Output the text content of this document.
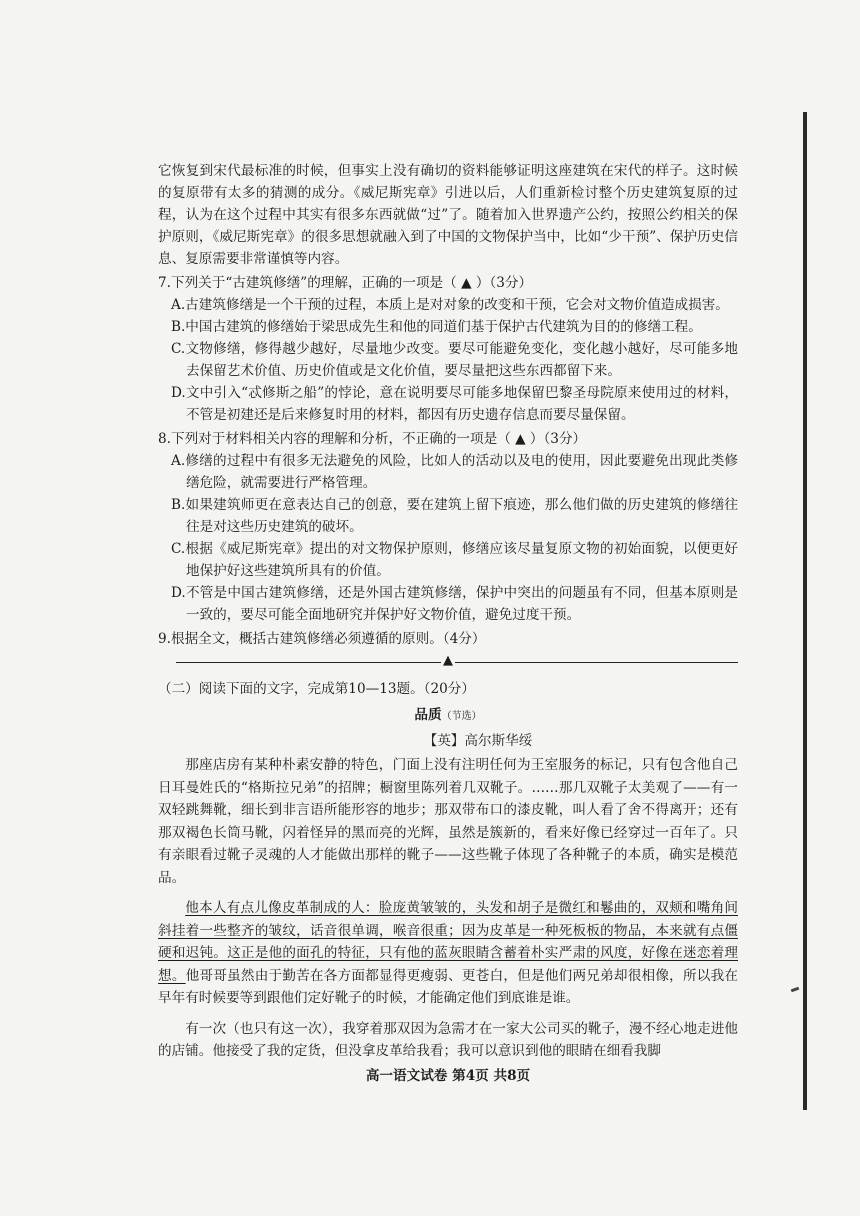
它恢复到宋代最标准的时候，但事实上没有确切的资料能够证明这座建筑在宋代的样子。这时候的复原带有太多的猜测的成分。《威尼斯宪章》引进以后，人们重新检讨整个历史建筑复原的过程，认为在这个过程中其实有很多东西就做“过”了。随着加入世界遗产公约，按照公约相关的保护原则，《威尼斯宪章》的很多思想就融入到了中国的文物保护当中，比如“少干预”、保护历史信息、复原需要非常谨慎等内容。

7.下列关于“古建筑修缮”的理解，正确的一项是（ ▲ ）（3分）

A.古建筑修缮是一个干预的过程，本质上是对对象的改变和干预，它会对文物价值造成损害。

B.中国古建筑的修缮始于梁思成先生和他的同道们基于保护古代建筑为目的的修缮工程。

C.文物修缮，修得越少越好，尽量地少改变。要尽可能避免变化，变化越小越好，尽可能多地去保留艺术价值、历史价值或是文化价值，要尽量把这些东西都留下来。

D.文中引入“忒修斯之船”的悖论，意在说明要尽可能多地保留巴黎圣母院原来使用过的材料，不管是初建还是后来修复时用的材料，都因有历史遗存信息而要尽量保留。

8.下列对于材料相关内容的理解和分析，不正确的一项是（ ▲ ）（3分）

A.修缮的过程中有很多无法避免的风险，比如人的活动以及电的使用，因此要避免出现此类修缮危险，就需要进行严格管理。

B.如果建筑师更在意表达自己的创意，要在建筑上留下痕迹，那么他们做的历史建筑的修缮往往是对这些历史建筑的破坏。

C.根据《威尼斯宪章》提出的对文物保护原则，修缮应该尽量复原文物的初始面貌，以便更好地保护好这些建筑所具有的价值。

D.不管是中国古建筑修缮，还是外国古建筑修缮，保护中突出的问题虽有不同，但基本原则是一致的，要尽可能全面地研究并保护好文物价值，避免过度干预。

9.根据全文，概括古建筑修缮必须遵循的原则。（4分）

▲

（二）阅读下面的文字，完成第10—13题。（20分）

品质（节选）

【英】高尔斯华绥

那座店房有某种朴素安静的特色，门面上没有注明任何为王室服务的标记，只有包含他自己日耳曼姓氏的“格斯拉兄弟”的招牌；橱窗里陈列着几双靴子。……那几双靴子太美观了——有一双轻跳舞靴，细长到非言语所能形容的地步；那双带布口的漆皮靴，叫人看了舍不得离开；还有那双褐色长筒马靴，闪着怪异的黑而亮的光辉，虽然是簇新的，看来好像已经穿过一百年了。只有亲眼看过靴子灵魂的人才能做出那样的靴子——这些靴子体现了各种靴子的本质，确实是模范品。

他本人有点儿像皮革制成的人：脸庞黄皱皱的，头发和胡子是微红和鬈曲的，双颊和嘴角间斜挂着一些整齐的皱纹，话音很单调，喉音很重；因为皮革是一种死板板的物品，本来就有点僵硬和迟钝。这正是他的面孔的特征，只有他的蓝灰眼睛含蓄着朴实严肃的风度，好像在迷恋着理想。他哥哥虽然由于勤苦在各方面都显得更瘦弱、更苍白，但是他们两兄弟却很相像，所以我在早年有时候要等到跟他们定好靴子的时候，才能确定他们到底谁是谁。

有一次（也只有这一次），我穿着那双因为急需才在一家大公司买的靴子，漫不经心地走进他的店铺。他接受了我的定货，但没拿皮革给我看；我可以意识到他的眼睛在细看我脚

高一语文试卷 第4页 共8页
